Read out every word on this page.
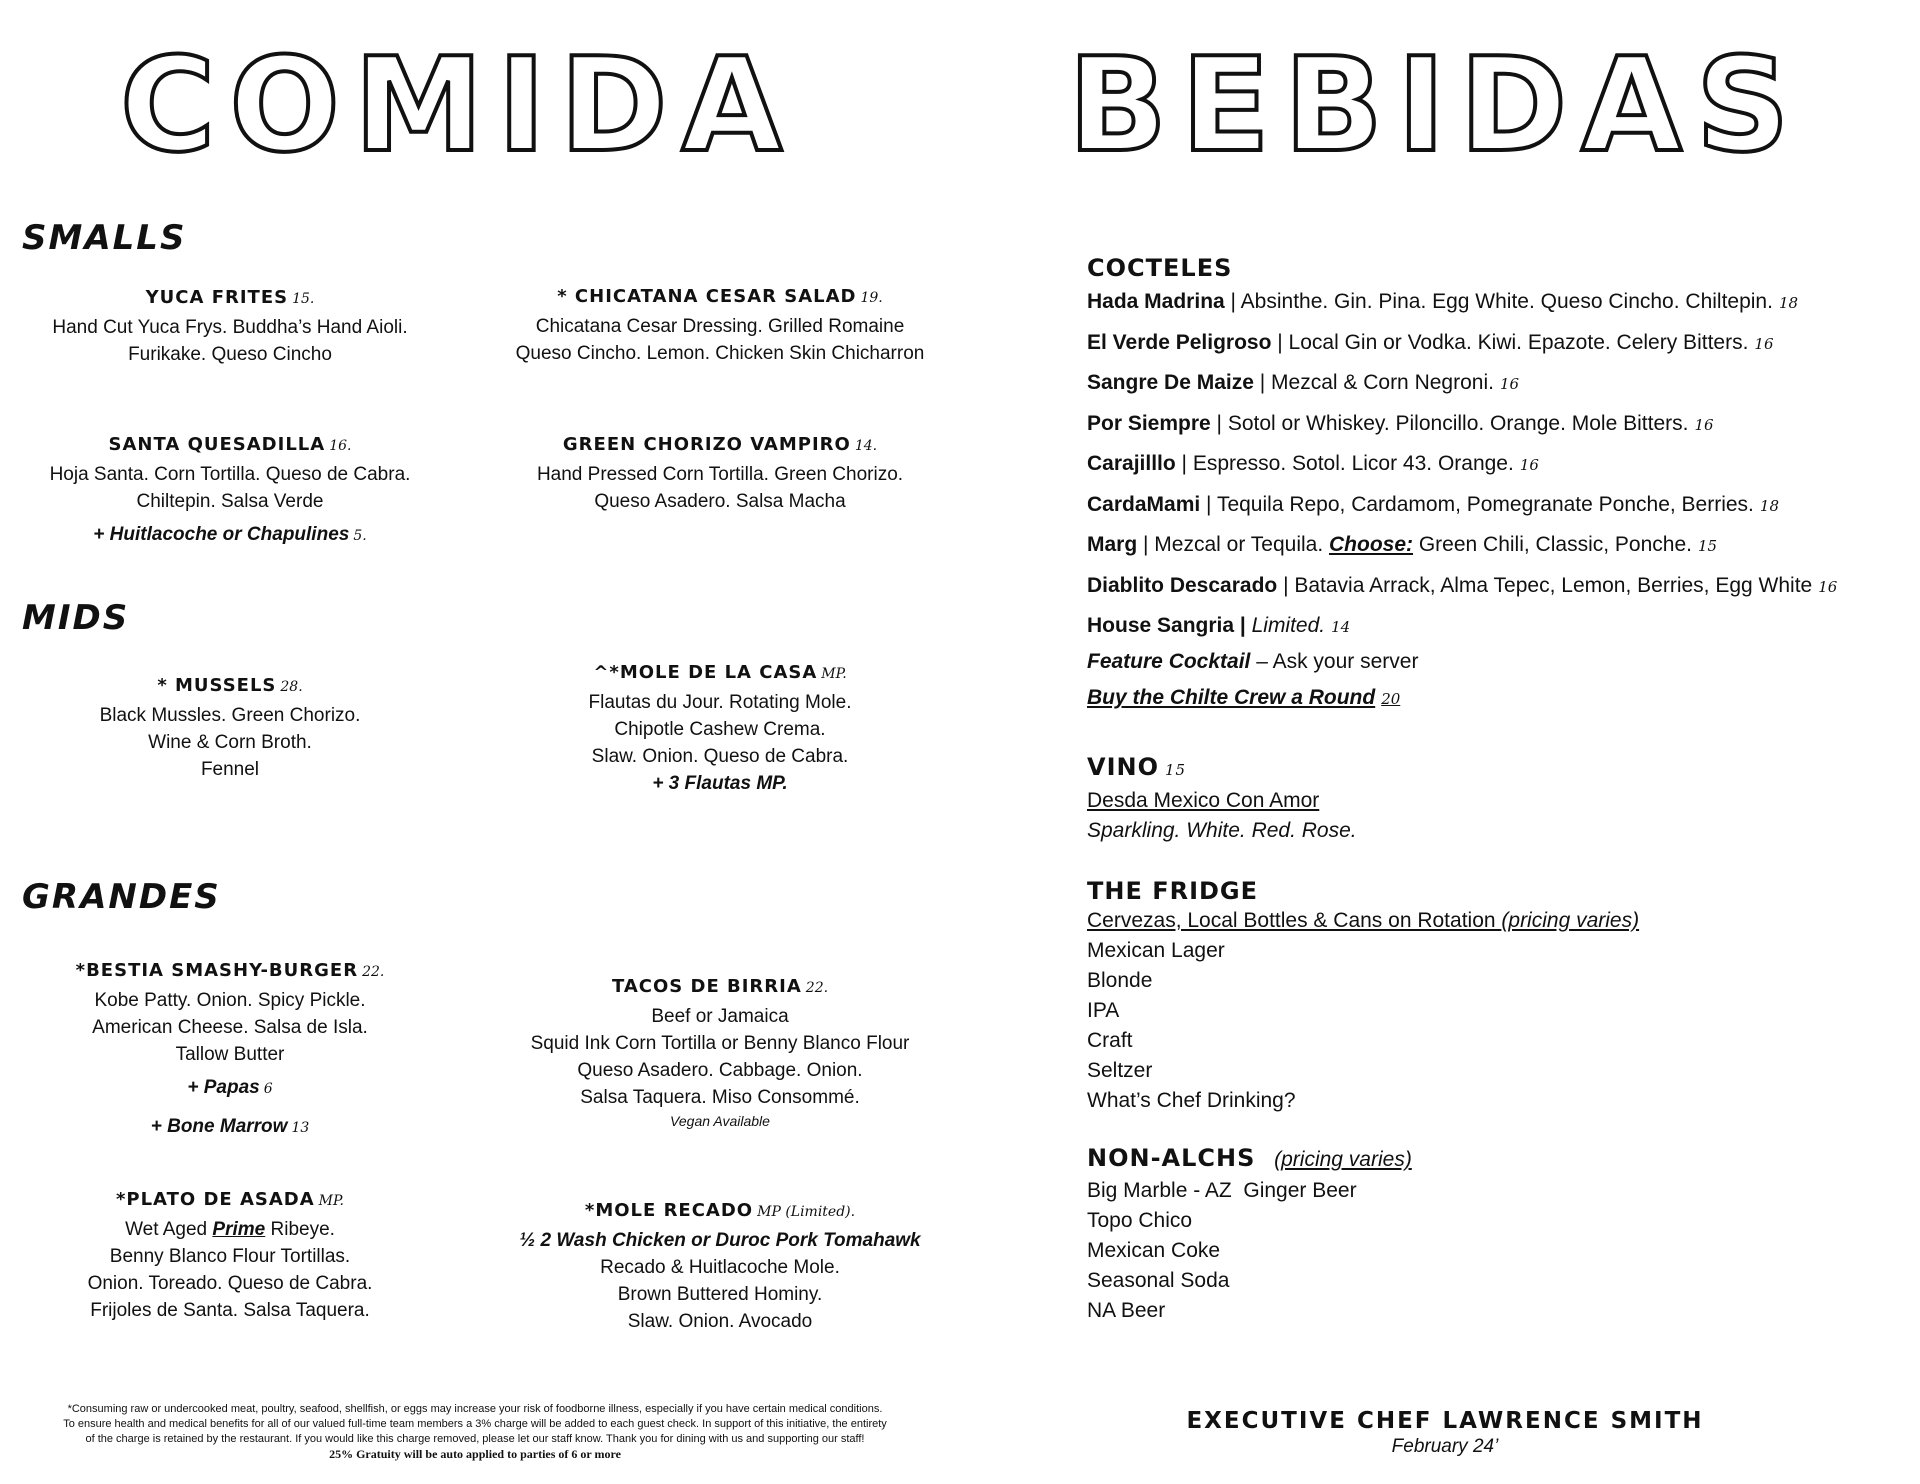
COMIDA BEBIDAS
SMALLS
MIDS
GRANDES
YUCA FRITES 15.
Hand Cut Yuca Frys. Buddha’s Hand Aioli.
Furikake. Queso Cincho
* CHICATANA CESAR SALAD 19.
Chicatana Cesar Dressing. Grilled Romaine
Queso Cincho. Lemon. Chicken Skin Chicharron
SANTA QUESADILLA 16.
Hoja Santa. Corn Tortilla. Queso de Cabra.
Chiltepin. Salsa Verde
+ Huitlacoche or Chapulines 5.
GREEN CHORIZO VAMPIRO 14.
Hand Pressed Corn Tortilla. Green Chorizo.
Queso Asadero. Salsa Macha
* MUSSELS 28.
Black Mussles. Green Chorizo.
Wine & Corn Broth.
Fennel
^*MOLE DE LA CASA MP.
Flautas du Jour. Rotating Mole.
Chipotle Cashew Crema.
Slaw. Onion. Queso de Cabra.
+ 3 Flautas MP.
*BESTIA SMASHY-BURGER 22.
Kobe Patty. Onion. Spicy Pickle.
American Cheese. Salsa de Isla.
Tallow Butter
+ Papas 6
+ Bone Marrow 13
TACOS DE BIRRIA 22.
Beef or Jamaica
Squid Ink Corn Tortilla or Benny Blanco Flour
Queso Asadero. Cabbage. Onion.
Salsa Taquera. Miso Consommé.
Vegan Available
*PLATO DE ASADA MP.
Wet Aged Prime Ribeye.
Benny Blanco Flour Tortillas.
Onion. Toreado. Queso de Cabra.
Frijoles de Santa. Salsa Taquera.
*MOLE RECADO MP (Limited).
½ 2 Wash Chicken or Duroc Pork Tomahawk
Recado & Huitlacoche Mole.
Brown Buttered Hominy.
Slaw. Onion. Avocado
COCTELES
Hada Madrina | Absinthe. Gin. Pina. Egg White. Queso Cincho. Chiltepin. 18
El Verde Peligroso | Local Gin or Vodka. Kiwi. Epazote. Celery Bitters. 16
Sangre De Maize | Mezcal & Corn Negroni. 16
Por Siempre | Sotol or Whiskey. Piloncillo. Orange. Mole Bitters. 16
Carajilllo | Espresso. Sotol. Licor 43. Orange. 16
CardaMami | Tequila Repo, Cardamom, Pomegranate Ponche, Berries. 18
Marg | Mezcal or Tequila. Choose: Green Chili, Classic, Ponche. 15
Diablito Descarado | Batavia Arrack, Alma Tepec, Lemon, Berries, Egg White 16
House Sangria | Limited. 14
Feature Cocktail – Ask your server
Buy the Chilte Crew a Round 20
VINO 15
Desda Mexico Con Amor
Sparkling. White. Red. Rose.
THE FRIDGE
Cervezas, Local Bottles & Cans on Rotation (pricing varies)
Mexican Lager
Blonde
IPA
Craft
Seltzer
What’s Chef Drinking?
NON-ALCHS (pricing varies)
Big Marble - AZ  Ginger Beer
Topo Chico
Mexican Coke
Seasonal Soda
NA Beer
*Consuming raw or undercooked meat, poultry, seafood, shellfish, or eggs may increase your risk of foodborne illness, especially if you have certain medical conditions.
To ensure health and medical benefits for all of our valued full-time team members a 3% charge will be added to each guest check. In support of this initiative, the entirety
of the charge is retained by the restaurant. If you would like this charge removed, please let our staff know. Thank you for dining with us and supporting our staff!
25% Gratuity will be auto applied to parties of 6 or more
EXECUTIVE CHEF LAWRENCE SMITH
February 24’
